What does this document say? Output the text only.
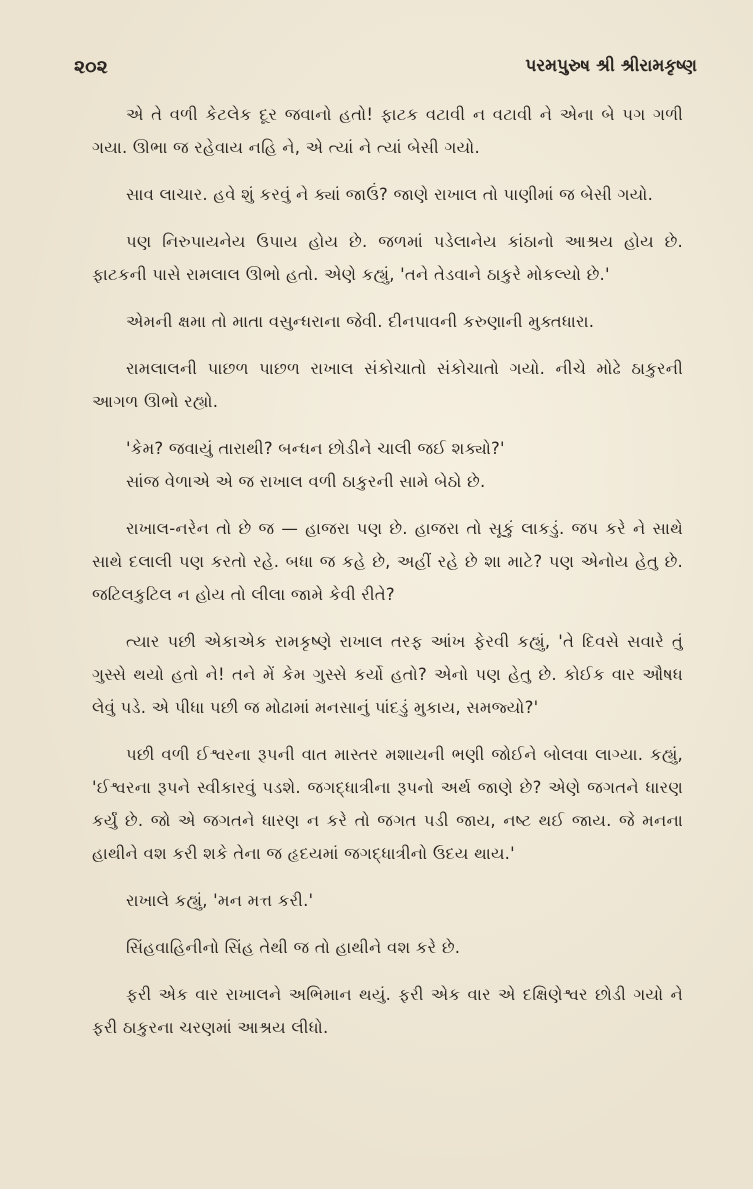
૨૦૨	પરમપુરુષ શ્રી શ્રીરામકૃષ્ણ

એ તે વળી કેટલેક દૂર જવાનો હતો! ફાટક વટાવી ન વટાવી ને એના બે પગ ગળી ગયા. ઊભા જ રહેવાય નહિ ને, એ ત્યાં ને ત્યાં બેસી ગયો.

સાવ લાચાર. હવે શું કરવું ને ક્યાં જાઉં? જાણે રાખાલ તો પાણીમાં જ બેસી ગયો.

પણ નિરુપાયનેય ઉપાય હોય છે. જળમાં પડેલાનેય કાંઠાનો આશ્રય હોય છે. ફાટકની પાસે રામલાલ ઊભો હતો. એણે કહ્યું, 'તને તેડવાને ઠાકુરે મોકલ્યો છે.'

એમની ક્ષમા તો માતા વસુન્ધરાના જેવી. દીનપાવની કરુણાની મુક્તધારા.

રામલાલની પાછળ પાછળ રાખાલ સંકોચાતો સંકોચાતો ગયો. નીચે મોઢે ઠાકુરની આગળ ઊભો રહ્યો.

'કેમ? જવાયું તારાથી? બન્ધન છોડીને ચાલી જઈ શક્યો?'

સાંજ વેળાએ એ જ રાખાલ વળી ઠાકુરની સામે બેઠો છે.

રાખાલ-નરેન તો છે જ — હાજરા પણ છે. હાજરા તો સૂકું લાકડું. જપ કરે ને સાથે સાથે દલાલી પણ કરતો રહે. બધા જ કહે છે, અહીં રહે છે શા માટે? પણ એનોય હેતુ છે. જટિલકુટિલ ન હોય તો લીલા જામે કેવી રીતે?

ત્યાર પછી એકાએક રામકૃષ્ણે રાખાલ તરફ આંખ ફેરવી કહ્યું, 'તે દિવસે સવારે તું ગુસ્સે થયો હતો ને! તને મેં કેમ ગુસ્સે કર્યો હતો? એનો પણ હેતુ છે. કોઈક વાર ઔષધ લેવું પડે. એ પીધા પછી જ મોઢામાં મનસાનું પાંદડું મુકાય, સમજ્યો?'

પછી વળી ઈશ્વરના રૂપની વાત માસ્તર મશાયની ભણી જોઈને બોલવા લાગ્યા. કહ્યું, 'ઈશ્વરના રૂપને સ્વીકારવું પડશે. જગદ્ધાત્રીના રૂપનો અર્થ જાણે છે? એણે જગતને ધારણ કર્યું છે. જો એ જગતને ધારણ ન કરે તો જગત પડી જાય, નષ્ટ થઈ જાય. જે મનના હાથીને વશ કરી શકે તેના જ હૃદયમાં જગદ્ધાત્રીનો ઉદય થાય.'

રાખાલે કહ્યું, 'મન મત્ત કરી.'

સિંહવાહિનીનો સિંહ તેથી જ તો હાથીને વશ કરે છે.

ફરી એક વાર રાખાલને અભિમાન થયું. ફરી એક વાર એ દક્ષિણેશ્વર છોડી ગયો ને ફરી ઠાકુરના ચરણમાં આશ્રય લીધો.
